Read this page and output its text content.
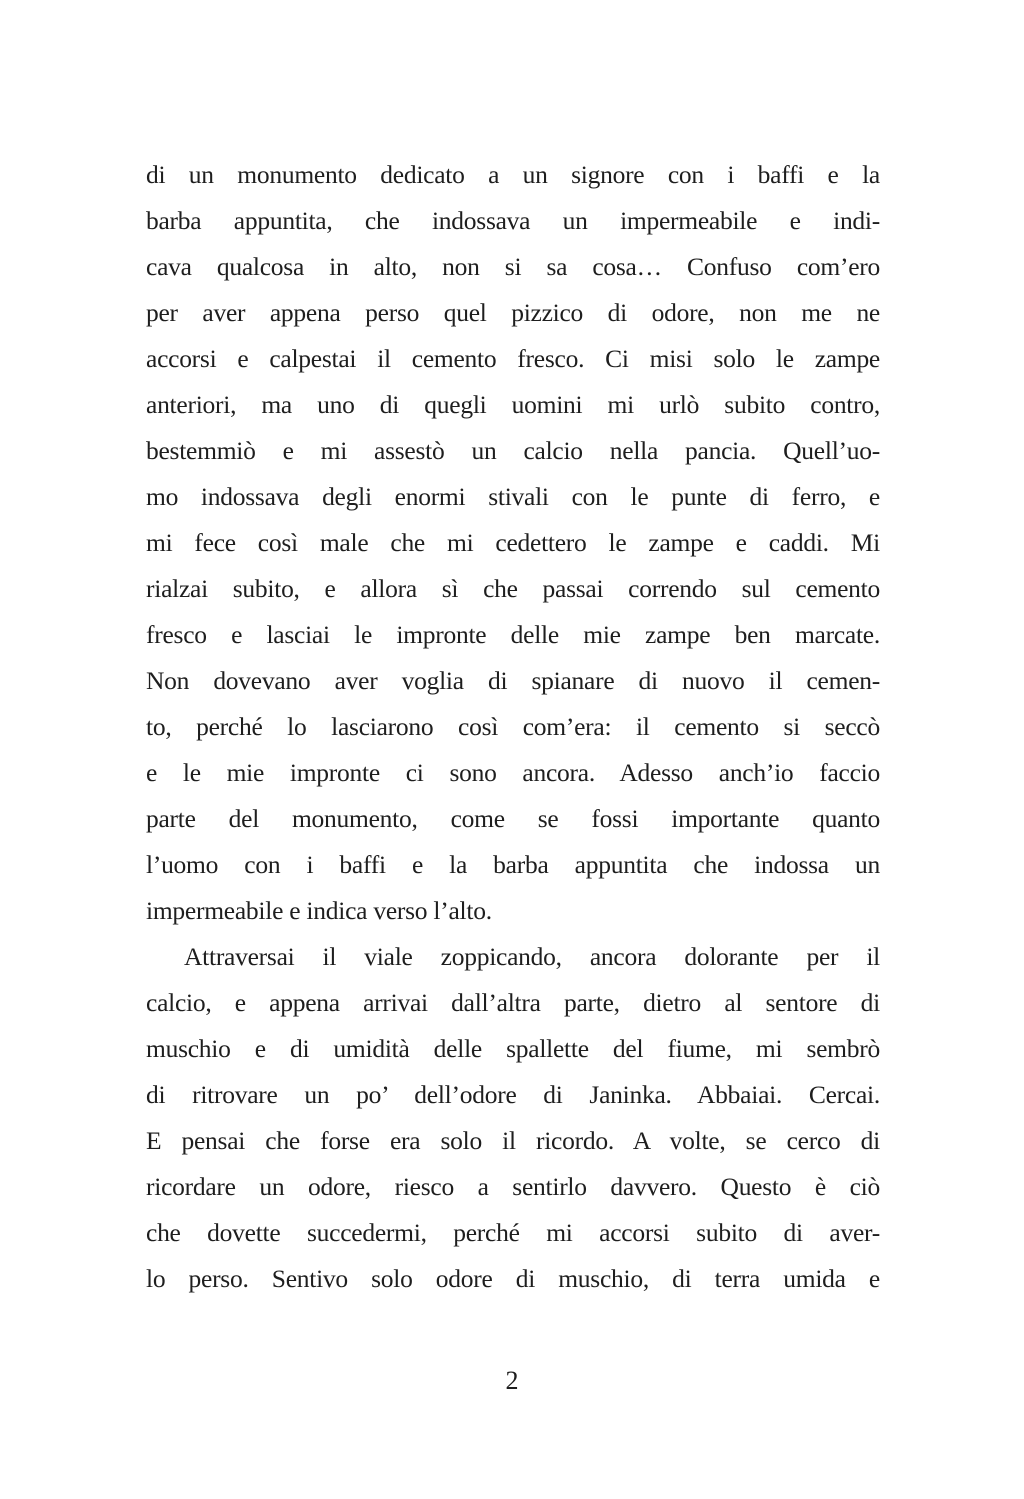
di un monumento dedicato a un signore con i baffi e la
barba appuntita, che indossava un impermeabile e indi-
cava qualcosa in alto, non si sa cosa… Confuso com’ero
per aver appena perso quel pizzico di odore, non me ne
accorsi e calpestai il cemento fresco. Ci misi solo le zampe
anteriori, ma uno di quegli uomini mi urlò subito contro,
bestemmiò e mi assestò un calcio nella pancia. Quell’uo-
mo indossava degli enormi stivali con le punte di ferro, e
mi fece così male che mi cedettero le zampe e caddi. Mi
rialzai subito, e allora sì che passai correndo sul cemento
fresco e lasciai le impronte delle mie zampe ben marcate.
Non dovevano aver voglia di spianare di nuovo il cemen-
to, perché lo lasciarono così com’era: il cemento si seccò
e le mie impronte ci sono ancora. Adesso anch’io faccio
parte del monumento, come se fossi importante quanto
l’uomo con i baffi e la barba appuntita che indossa un
impermeabile e indica verso l’alto.
Attraversai il viale zoppicando, ancora dolorante per il
calcio, e appena arrivai dall’altra parte, dietro al sentore di
muschio e di umidità delle spallette del fiume, mi sembrò
di ritrovare un po’ dell’odore di Janinka. Abbaiai. Cercai.
E pensai che forse era solo il ricordo. A volte, se cerco di
ricordare un odore, riesco a sentirlo davvero. Questo è ciò
che dovette succedermi, perché mi accorsi subito di aver-
lo perso. Sentivo solo odore di muschio, di terra umida e
2
